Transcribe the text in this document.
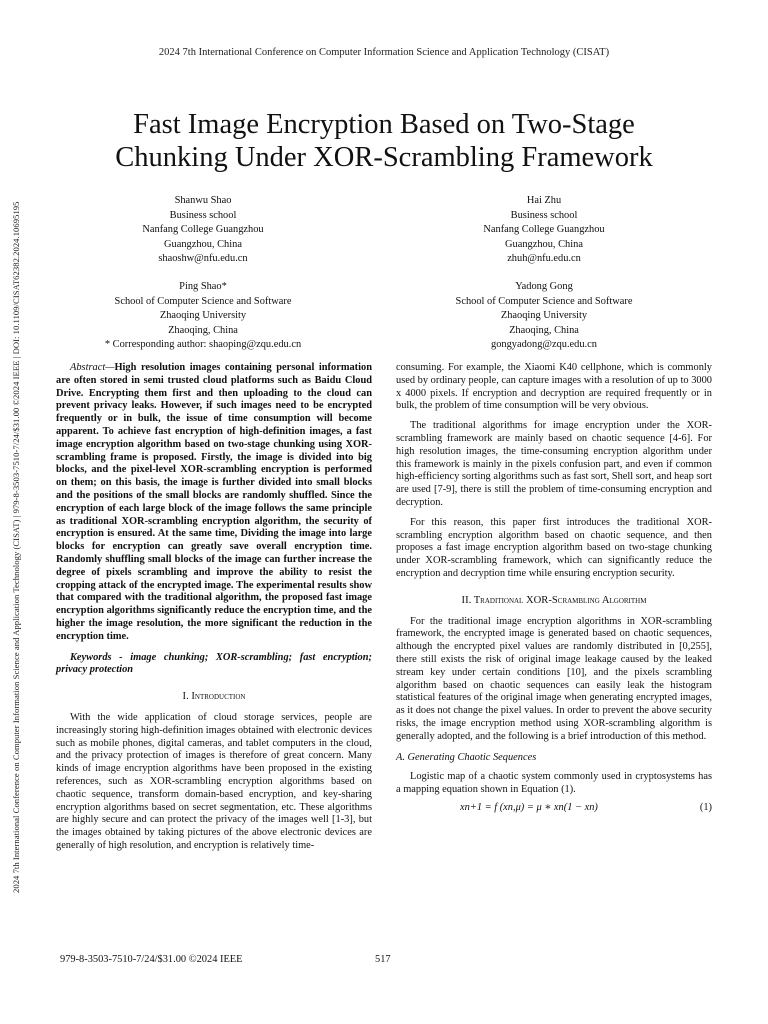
2024 7th International Conference on Computer Information Science and Application Technology (CISAT)
2024 7th International Conference on Computer Information Science and Application Technology (CISAT) | 979-8-3503-7510-7/24/$31.00 ©2024 IEEE | DOI: 10.1109/CISAT62382.2024.10695195
Fast Image Encryption Based on Two-Stage
Chunking Under XOR-Scrambling Framework
Shanwu Shao
Business school
Nanfang College Guangzhou
Guangzhou, China
shaoshw@nfu.edu.cn
Hai Zhu
Business school
Nanfang College Guangzhou
Guangzhou, China
zhuh@nfu.edu.cn
Ping Shao*
School of Computer Science and Software
Zhaoqing University
Zhaoqing, China
* Corresponding author: shaoping@zqu.edu.cn
Yadong Gong
School of Computer Science and Software
Zhaoqing University
Zhaoqing, China
gongyadong@zqu.edu.cn

Abstract—High resolution images containing personal information are often stored in semi trusted cloud platforms such as Baidu Cloud Drive. Encrypting them first and then uploading to the cloud can prevent privacy leaks. However, if such images need to be encrypted frequently or in bulk, the issue of time consumption will become apparent. To achieve fast encryption of high-definition images, a fast image encryption algorithm based on two-stage chunking using XOR-scrambling frame is proposed. Firstly, the image is divided into big blocks, and the pixel-level XOR-scrambling encryption is performed on them; on this basis, the image is further divided into small blocks and the positions of the small blocks are randomly shuffled. Since the encryption of each large block of the image follows the same principle as traditional XOR-scrambling encryption algorithm, the security of encryption is ensured. At the same time, Dividing the image into large blocks for encryption can greatly save overall encryption time. Randomly shuffling small blocks of the image can further increase the degree of pixels scrambling and improve the ability to resist the cropping attack of the encrypted image. The experimental results show that compared with the traditional algorithm, the proposed fast image encryption algorithms significantly reduce the encryption time, and the higher the image resolution, the more significant the reduction in the encryption time.

Keywords - image chunking; XOR-scrambling; fast encryption; privacy protection

I. Introduction

With the wide application of cloud storage services, people are increasingly storing high-definition images obtained with electronic devices such as mobile phones, digital cameras, and tablet computers in the cloud, and the privacy protection of images is therefore of great concern. Many kinds of image encryption algorithms have been proposed in the existing references, such as XOR-scrambling encryption algorithms based on chaotic sequence, transform domain-based encryption, and key-sharing encryption algorithms based on secret segmentation, etc. These algorithms are highly secure and can protect the privacy of the images well [1-3], but the images obtained by taking pictures of the above electronic devices are generally of high resolution, and encryption is relatively time-

consuming. For example, the Xiaomi K40 cellphone, which is commonly used by ordinary people, can capture images with a resolution of up to 3000 x 4000 pixels. If encryption and decryption are required frequently or in bulk, the problem of time consumption will be very obvious.

The traditional algorithms for image encryption under the XOR-scrambling framework are mainly based on chaotic sequence [4-6]. For high resolution images, the time-consuming encryption algorithm under this framework is mainly in the pixels confusion part, and even if common high-efficiency sorting algorithms such as fast sort, Shell sort, and heap sort are used [7-9], there is still the problem of time-consuming encryption and decryption.

For this reason, this paper first introduces the traditional XOR-scrambling encryption algorithm based on chaotic sequence, and then proposes a fast image encryption algorithm based on two-stage chunking under XOR-scrambling framework, which can significantly reduce the encryption and decryption time while ensuring encryption security.

II. Traditional XOR-Scrambling Algorithm

For the traditional image encryption algorithms in XOR-scrambling framework, the encrypted image is generated based on chaotic sequences, although the encrypted pixel values are randomly distributed in [0,255], there still exists the risk of original image leakage caused by the leaked stream key under certain conditions [10], and the pixels scrambling algorithm based on chaotic sequences can easily leak the histogram statistical features of the original image when generating encrypted images, as it does not change the pixel values. In order to prevent the above security risks, the image encryption method using XOR-scrambling algorithm is generally adopted, and the following is a brief introduction of this method.

A. Generating Chaotic Sequences

Logistic map of a chaotic system commonly used in cryptosystems has a mapping equation shown in Equation (1).

xn+1 = f (xn,μ) = μ ∗ xn(1 − xn)	(1)
979-8-3503-7510-7/24/$31.00 ©2024 IEEE	517
